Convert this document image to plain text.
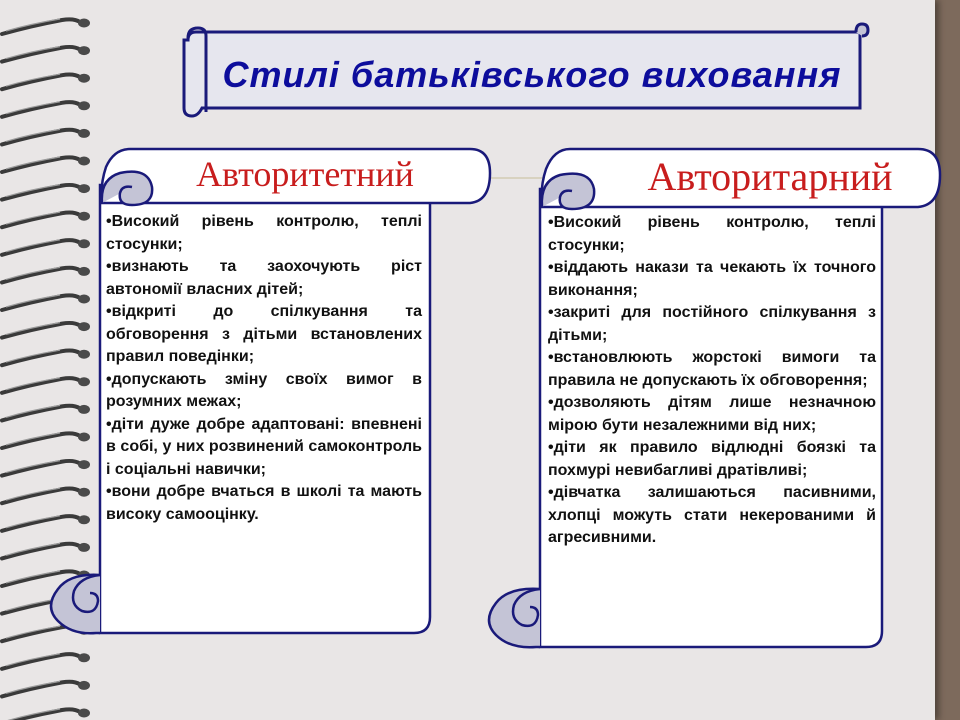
Стилі батьківського виховання
Авторитетний

•Високий рівень контролю, теплі стосунки;

•визнають та заохочують ріст автономії власних дітей;

•відкриті до спілкування та обговорення з дітьми встановлених правил поведінки;

•допускають зміну своїх вимог в розумних межах;

•діти дуже добре адаптовані: впевнені в собі, у них розвинений самоконтроль і соціальні навички;

•вони добре вчаться в школі та мають високу самооцінку.

Авторитарний

•Високий рівень контролю, теплі стосунки;

•віддають накази та чекають їх точного виконання;

•закриті для постійного спілкування з дітьми;

•встановлюють жорстокі вимоги та правила не допускають їх обговорення;

•дозволяють дітям лише незначною мірою бути незалежними від них;

•діти як правило відлюдні боязкі та похмурі невибагливі дратівливі;

•дівчатка залишаються пасивними, хлопці можуть стати некерованими й агресивними.
